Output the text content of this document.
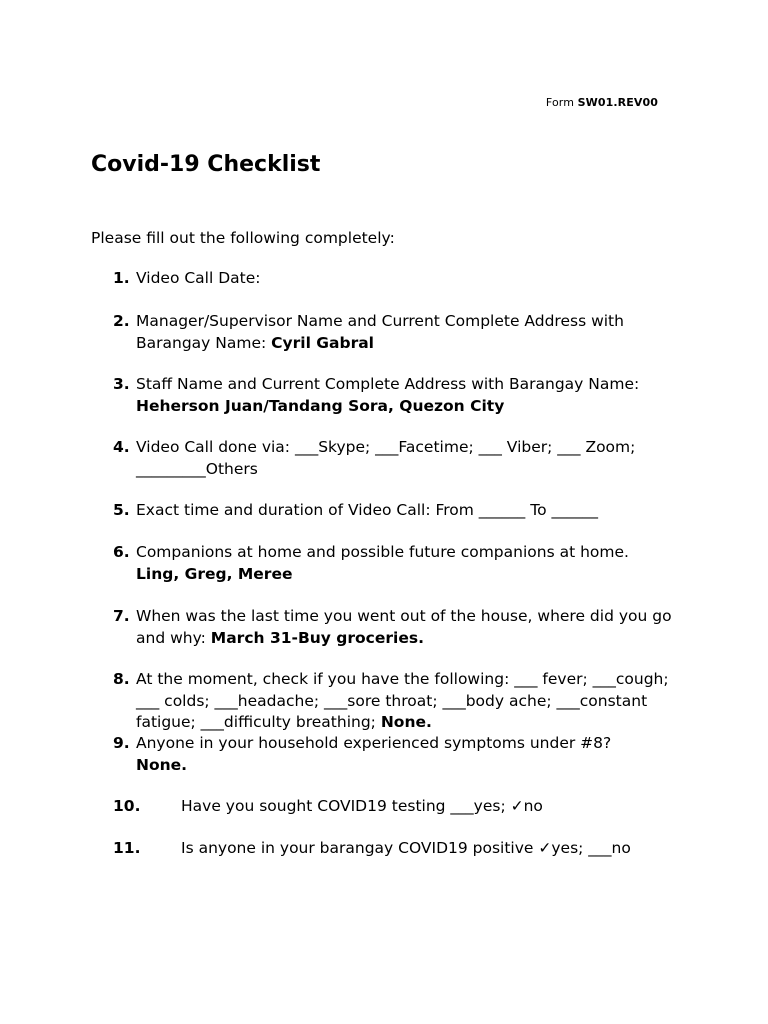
Form SW01.REV00
Covid-19 Checklist
Please fill out the following completely:
1. Video Call Date:
2. Manager/Supervisor Name and Current Complete Address with Barangay Name: Cyril Gabral
3. Staff Name and Current Complete Address with Barangay Name: Heherson Juan/Tandang Sora, Quezon City
4. Video Call done via: ___Skype; ___Facetime; ___ Viber; ___ Zoom; _________Others
5. Exact time and duration of Video Call: From ______ To ______
6. Companions at home and possible future companions at home. Ling, Greg, Meree
7. When was the last time you went out of the house, where did you go and why: March 31-Buy groceries.
8. At the moment, check if you have the following: ___ fever; ___cough; ___ colds; ___headache; ___sore throat; ___body ache; ___constant fatigue; ___difficulty breathing; None.
9. Anyone in your household experienced symptoms under #8? None.
10.	Have you sought COVID19 testing ___yes; ✓no
11.	Is anyone in your barangay COVID19 positive ✓yes; ___no
